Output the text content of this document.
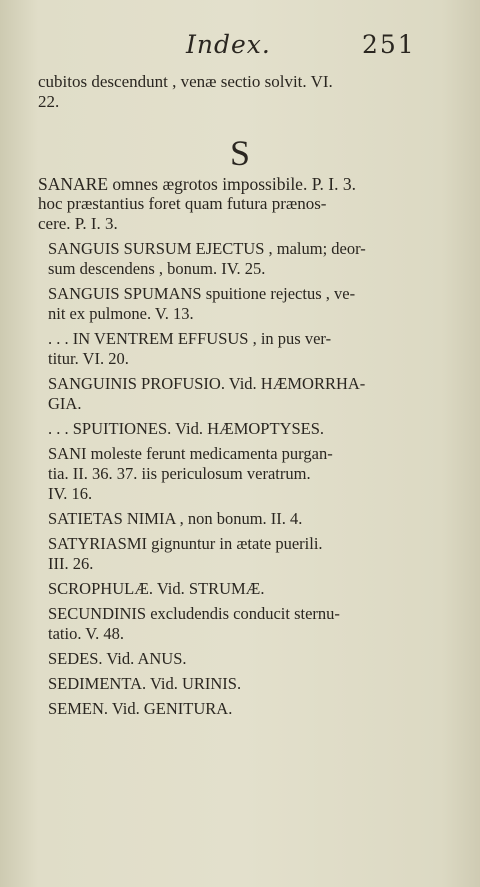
Index.	251
cubitos descendunt , venæ sectio solvit. VI.
22.
S
SANARE omnes ægrotos impossibile. P. I. 3.
hoc præstantius foret quam futura prænos-
cere. P. I. 3.
SANGUIS SURSUM EJECTUS , malum; deor-
sum descendens , bonum. IV. 25.
SANGUIS SPUMANS spuitione rejectus , ve-
nit ex pulmone. V. 13.
. . . IN VENTREM EFFUSUS , in pus ver-
titur. VI. 20.
SANGUINIS PROFUSIO. Vid. HÆMORRHA-
GIA.
. . . SPUITIONES. Vid. HÆMOPTYSES.
SANI moleste ferunt medicamenta purgan-
tia. II. 36. 37. iis periculosum veratrum.
IV. 16.
SATIETAS NIMIA , non bonum. II. 4.
SATYRIASMI gignuntur in ætate puerili.
III. 26.
SCROPHULÆ. Vid. STRUMÆ.
SECUNDINIS excludendis conducit sternu-
tatio. V. 48.
SEDES. Vid. ANUS.
SEDIMENTA. Vid. URINIS.
SEMEN. Vid. GENITURA.
